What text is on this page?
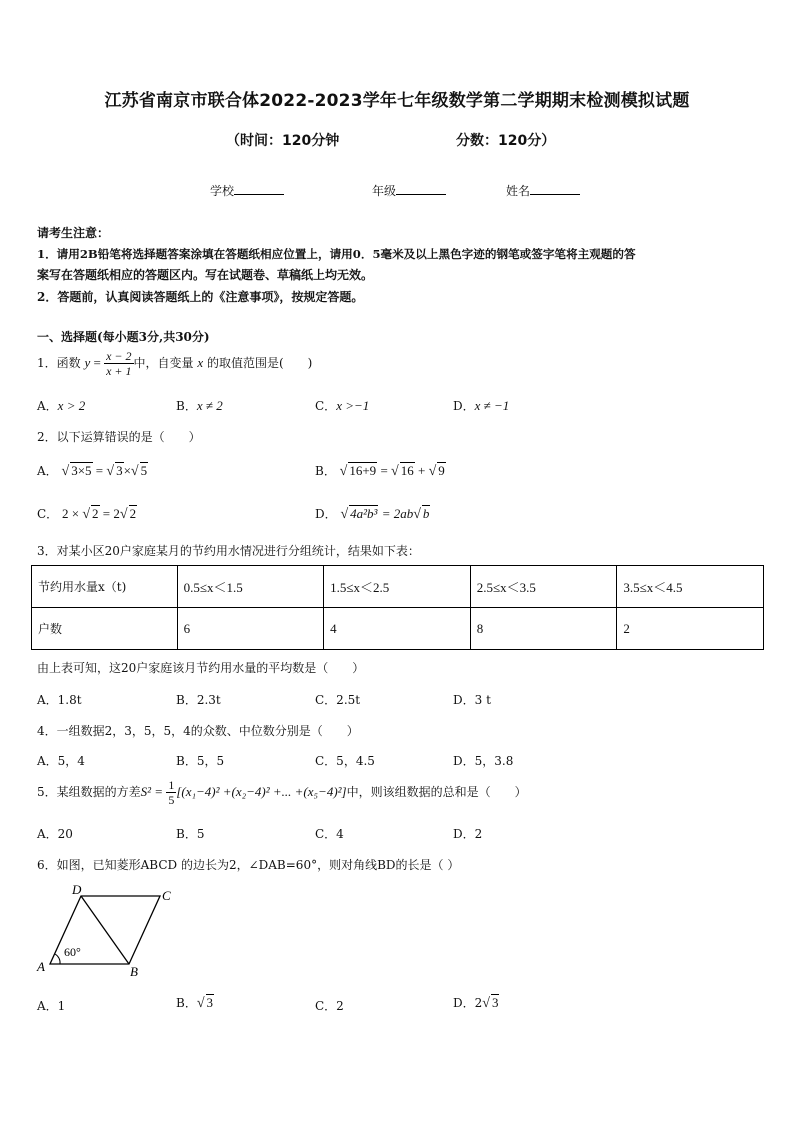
江苏省南京市联合体2022-2023学年七年级数学第二学期期末检测模拟试题
（时间：120分钟	分数：120分）
学校	年级	姓名
请考生注意：
1．请用2B铅笔将选择题答案涂填在答题纸相应位置上，请用0．5毫米及以上黑色字迹的钢笔或签字笔将主观题的答
案写在答题纸相应的答题区内。写在试题卷、草稿纸上均无效。
2．答题前，认真阅读答题纸上的《注意事项》，按规定答题。
一、选择题(每小题3分,共30分)
1．函数 $y = \frac{x - 2}{x + 1}$ 中，自变量 x 的取值范围是(　　)
A．x > 2	B．x ≠ 2	C．x >−1	D．x ≠ −1
2．以下运算错误的是（　　）
A． √ 3×5 = √ 3×√ 5	B． √ 16+9 = √ 16 + √ 9
C． 2 × √ 2 = 2√ 2	D． √ 4a²b³ = 2ab√ b
3．对某小区20户家庭某月的节约用水情况进行分组统计，结果如下表：
节约用水量x（t)	0.5≤x＜1.5	1.5≤x＜2.5	2.5≤x＜3.5	3.5≤x＜4.5
户数	6	4	8	2
由上表可知，这20户家庭该月节约用水量的平均数是（　　）
A．1.8t	B．2.3t	C．2.5t	D．3 t
4．一组数据2，3，5，5，4的众数、中位数分别是（　　）
A．5，4	B．5，5	C．5，4.5	D．5，3.8
5．某组数据的方差$S^2 = \frac{1}{5} [(x_1-4)^2 +(x_2-4)^2$ +... +(x₅−4)²]中，则该组数据的总和是（　　）
A．20	B．5	C．4	D．2
6．如图，已知菱形ABCD 的边长为2，∠DAB=60°，则对角线BD的长是（ ）
A	B
C
D
60°
A．1	B．√ 3	C．2	D．2√ 3
